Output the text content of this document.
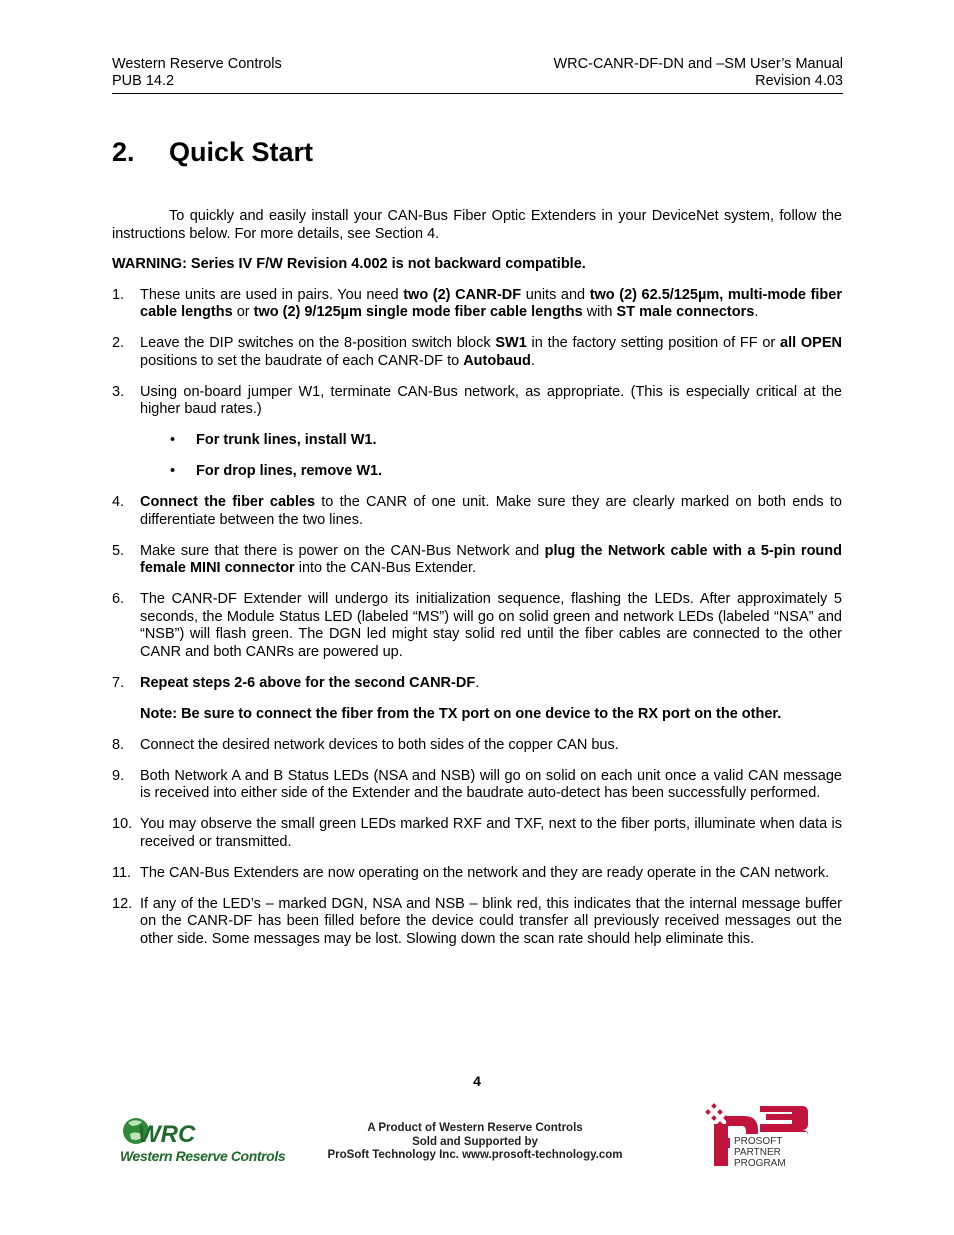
Western Reserve Controls	WRC-CANR-DF-DN and –SM User’s Manual
PUB 14.2	Revision 4.03
2.	Quick Start

To quickly and easily install your CAN-Bus Fiber Optic Extenders in your DeviceNet system, follow the instructions below. For more details, see Section 4.

WARNING: Series IV F/W Revision 4.002 is not backward compatible.

1. These units are used in pairs. You need two (2) CANR-DF units and two (2) 62.5/125µm, multi-mode fiber cable lengths or two (2) 9/125µm single mode fiber cable lengths with ST male connectors.
2. Leave the DIP switches on the 8-position switch block SW1 in the factory setting position of FF or all OPEN positions to set the baudrate of each CANR-DF to Autobaud.
3. Using on-board jumper W1, terminate CAN-Bus network, as appropriate. (This is especially critical at the higher baud rates.)
• For trunk lines, install W1.
• For drop lines, remove W1.
4. Connect the fiber cables to the CANR of one unit. Make sure they are clearly marked on both ends to differentiate between the two lines.
5. Make sure that there is power on the CAN-Bus Network and plug the Network cable with a 5-pin round female MINI connector into the CAN-Bus Extender.
6. The CANR-DF Extender will undergo its initialization sequence, flashing the LEDs. After approximately 5 seconds, the Module Status LED (labeled “MS”) will go on solid green and network LEDs (labeled “NSA” and “NSB”) will flash green. The DGN led might stay solid red until the fiber cables are connected to the other CANR and both CANRs are powered up.
7. Repeat steps 2-6 above for the second CANR-DF.

Note: Be sure to connect the fiber from the TX port on one device to the RX port on the other.

8. Connect the desired network devices to both sides of the copper CAN bus.
9. Both Network A and B Status LEDs (NSA and NSB) will go on solid on each unit once a valid CAN message is received into either side of the Extender and the baudrate auto-detect has been successfully performed.
10. You may observe the small green LEDs marked RXF and TXF, next to the fiber ports, illuminate when data is received or transmitted.
11. The CAN-Bus Extenders are now operating on the network and they are ready operate in the CAN network.
12. If any of the LED’s – marked DGN, NSA and NSB – blink red, this indicates that the internal message buffer on the CANR-DF has been filled before the device could transfer all previously received messages out the other side. Some messages may be lost. Slowing down the scan rate should help eliminate this.
4
WRC
Western Reserve Controls
A Product of Western Reserve Controls
Sold and Supported by
ProSoft Technology Inc. www.prosoft-technology.com
PROSOFT
PARTNER
PROGRAM
